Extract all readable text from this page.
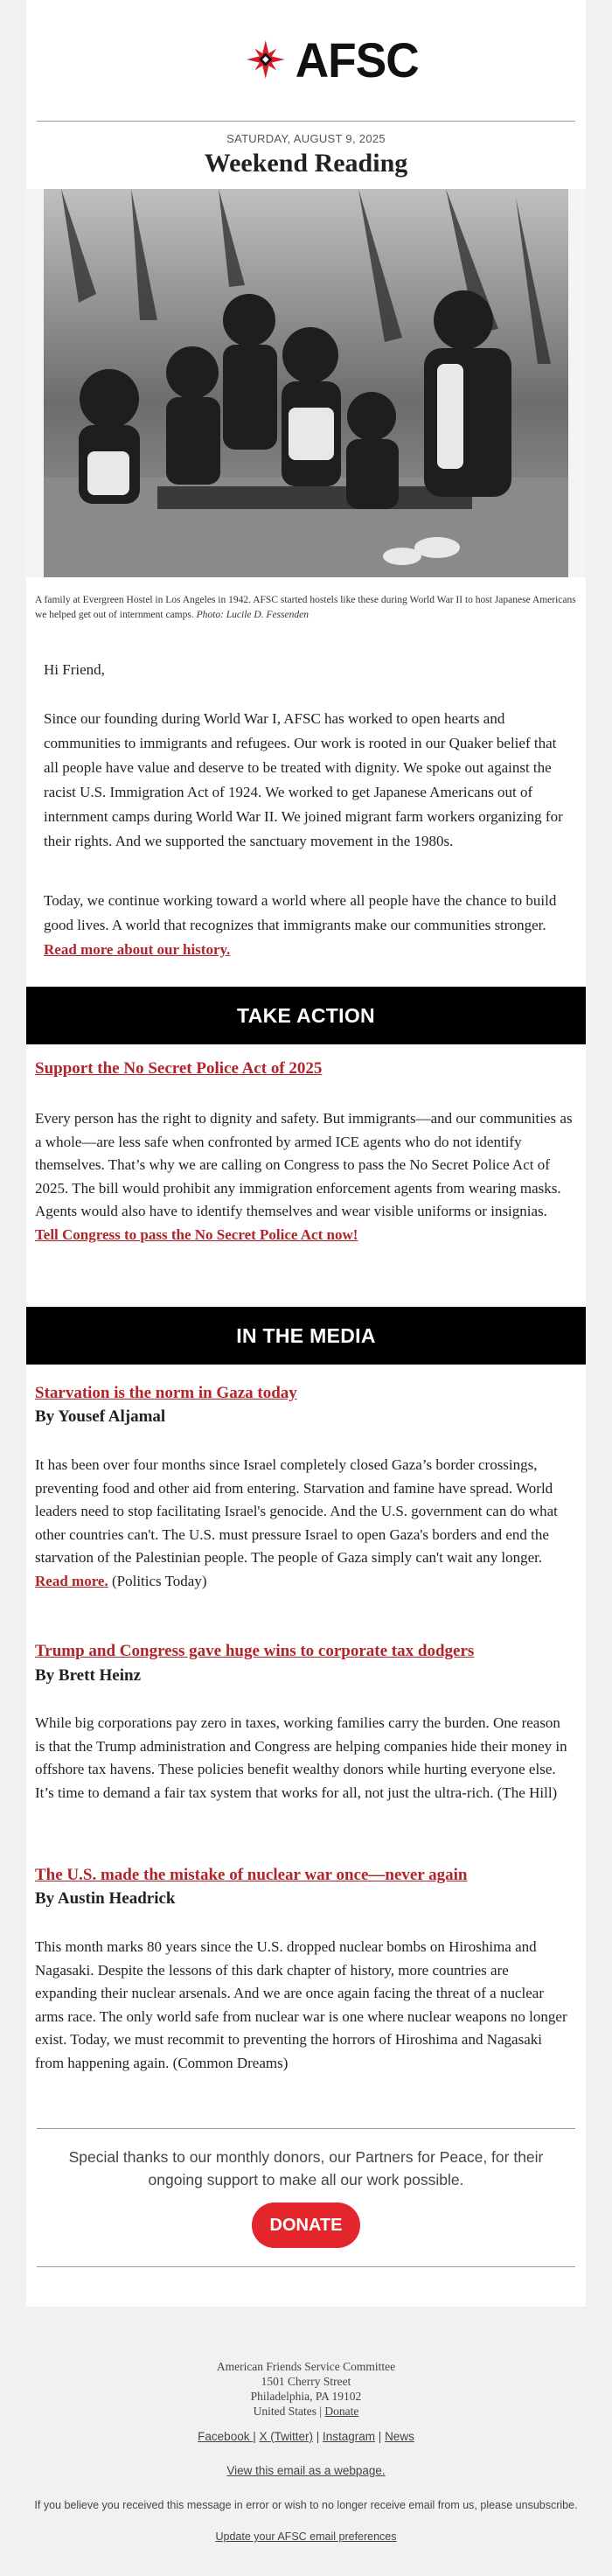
AFSC
SATURDAY, AUGUST 9, 2025
Weekend Reading
A family at Evergreen Hostel in Los Angeles in 1942. AFSC started hostels like these during World War II to host Japanese Americans we helped get out of internment camps. Photo: Lucile D. Fessenden
Hi Friend,
Since our founding during World War I, AFSC has worked to open hearts and communities to immigrants and refugees. Our work is rooted in our Quaker belief that all people have value and deserve to be treated with dignity. We spoke out against the racist U.S. Immigration Act of 1924. We worked to get Japanese Americans out of internment camps during World War II. We joined migrant farm workers organizing for their rights. And we supported the sanctuary movement in the 1980s.
Today, we continue working toward a world where all people have the chance to build good lives. A world that recognizes that immigrants make our communities stronger. Read more about our history.
TAKE ACTION
Support the No Secret Police Act of 2025
Every person has the right to dignity and safety. But immigrants—and our communities as a whole—are less safe when confronted by armed ICE agents who do not identify themselves. That’s why we are calling on Congress to pass the No Secret Police Act of 2025. The bill would prohibit any immigration enforcement agents from wearing masks. Agents would also have to identify themselves and wear visible uniforms or insignias. Tell Congress to pass the No Secret Police Act now!
IN THE MEDIA
Starvation is the norm in Gaza today
By Yousef Aljamal
It has been over four months since Israel completely closed Gaza’s border crossings, preventing food and other aid from entering. Starvation and famine have spread. World leaders need to stop facilitating Israel's genocide. And the U.S. government can do what other countries can't. The U.S. must pressure Israel to open Gaza's borders and end the starvation of the Palestinian people. The people of Gaza simply can't wait any longer. Read more. (Politics Today)
Trump and Congress gave huge wins to corporate tax dodgers
By Brett Heinz
While big corporations pay zero in taxes, working families carry the burden. One reason is that the Trump administration and Congress are helping companies hide their money in offshore tax havens. These policies benefit wealthy donors while hurting everyone else. It’s time to demand a fair tax system that works for all, not just the ultra-rich. (The Hill)
The U.S. made the mistake of nuclear war once—never again
By Austin Headrick
This month marks 80 years since the U.S. dropped nuclear bombs on Hiroshima and Nagasaki. Despite the lessons of this dark chapter of history, more countries are expanding their nuclear arsenals. And we are once again facing the threat of a nuclear arms race. The only world safe from nuclear war is one where nuclear weapons no longer exist. Today, we must recommit to preventing the horrors of Hiroshima and Nagasaki from happening again. (Common Dreams)
Special thanks to our monthly donors, our Partners for Peace, for their ongoing support to make all our work possible.
DONATE
American Friends Service Committee
1501 Cherry Street
Philadelphia, PA 19102
United States | Donate
Facebook | X (Twitter) | Instagram | News
View this email as a webpage.
If you believe you received this message in error or wish to no longer receive email from us, please unsubscribe.
Update your AFSC email preferences
